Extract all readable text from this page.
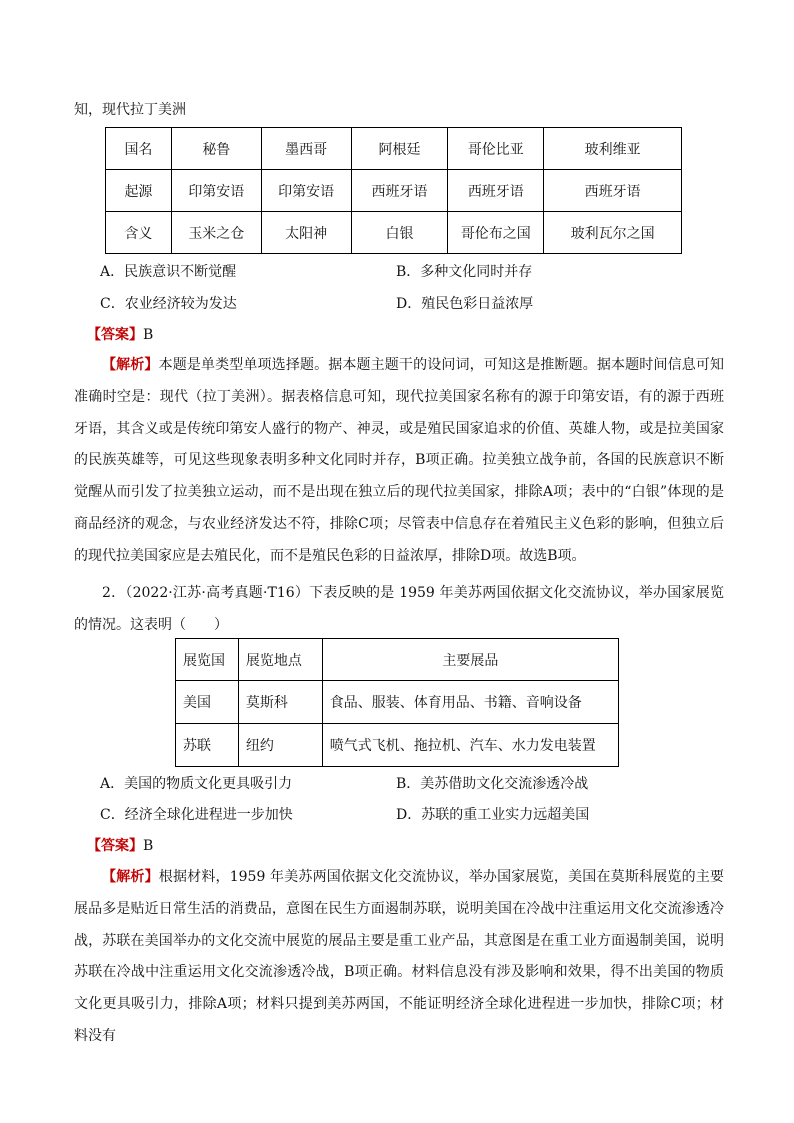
知，现代拉丁美洲
国名	秘鲁	墨西哥	阿根廷	哥伦比亚	玻利维亚
起源	印第安语	印第安语	西班牙语	西班牙语	西班牙语
含义	玉米之仓	太阳神	白银	哥伦布之国	玻利瓦尔之国
A．民族意识不断觉醒	B．多种文化同时并存
C．农业经济较为发达	D．殖民色彩日益浓厚
【答案】B
【解析】本题是单类型单项选择题。据本题主题干的设问词，可知这是推断题。据本题时间信息可知准确时空是：现代（拉丁美洲）。据表格信息可知，现代拉美国家名称有的源于印第安语，有的源于西班牙语，其含义或是传统印第安人盛行的物产、神灵，或是殖民国家追求的价值、英雄人物，或是拉美国家的民族英雄等，可见这些现象表明多种文化同时并存，B项正确。拉美独立战争前，各国的民族意识不断觉醒从而引发了拉美独立运动，而不是出现在独立后的现代拉美国家，排除A项；表中的“白银”体现的是商品经济的观念，与农业经济发达不符，排除C项；尽管表中信息存在着殖民主义色彩的影响，但独立后的现代拉美国家应是去殖民化，而不是殖民色彩的日益浓厚，排除D项。故选B项。
2．（2022·江苏·高考真题·T16）下表反映的是 1959 年美苏两国依据文化交流协议，举办国家展览的情况。这表明（　　）
展览国	展览地点	主要展品
美国	莫斯科	食品、服装、体育用品、书籍、音响设备
苏联	纽约	喷气式飞机、拖拉机、汽车、水力发电装置
A．美国的物质文化更具吸引力	B．美苏借助文化交流渗透冷战
C．经济全球化进程进一步加快	D．苏联的重工业实力远超美国
【答案】B
【解析】根据材料，1959 年美苏两国依据文化交流协议，举办国家展览，美国在莫斯科展览的主要展品多是贴近日常生活的消费品，意图在民生方面遏制苏联，说明美国在冷战中注重运用文化交流渗透冷战，苏联在美国举办的文化交流中展览的展品主要是重工业产品，其意图是在重工业方面遏制美国，说明苏联在冷战中注重运用文化交流渗透冷战，B项正确。材料信息没有涉及影响和效果，得不出美国的物质文化更具吸引力，排除A项；材料只提到美苏两国，不能证明经济全球化进程进一步加快，排除C项；材料没有
